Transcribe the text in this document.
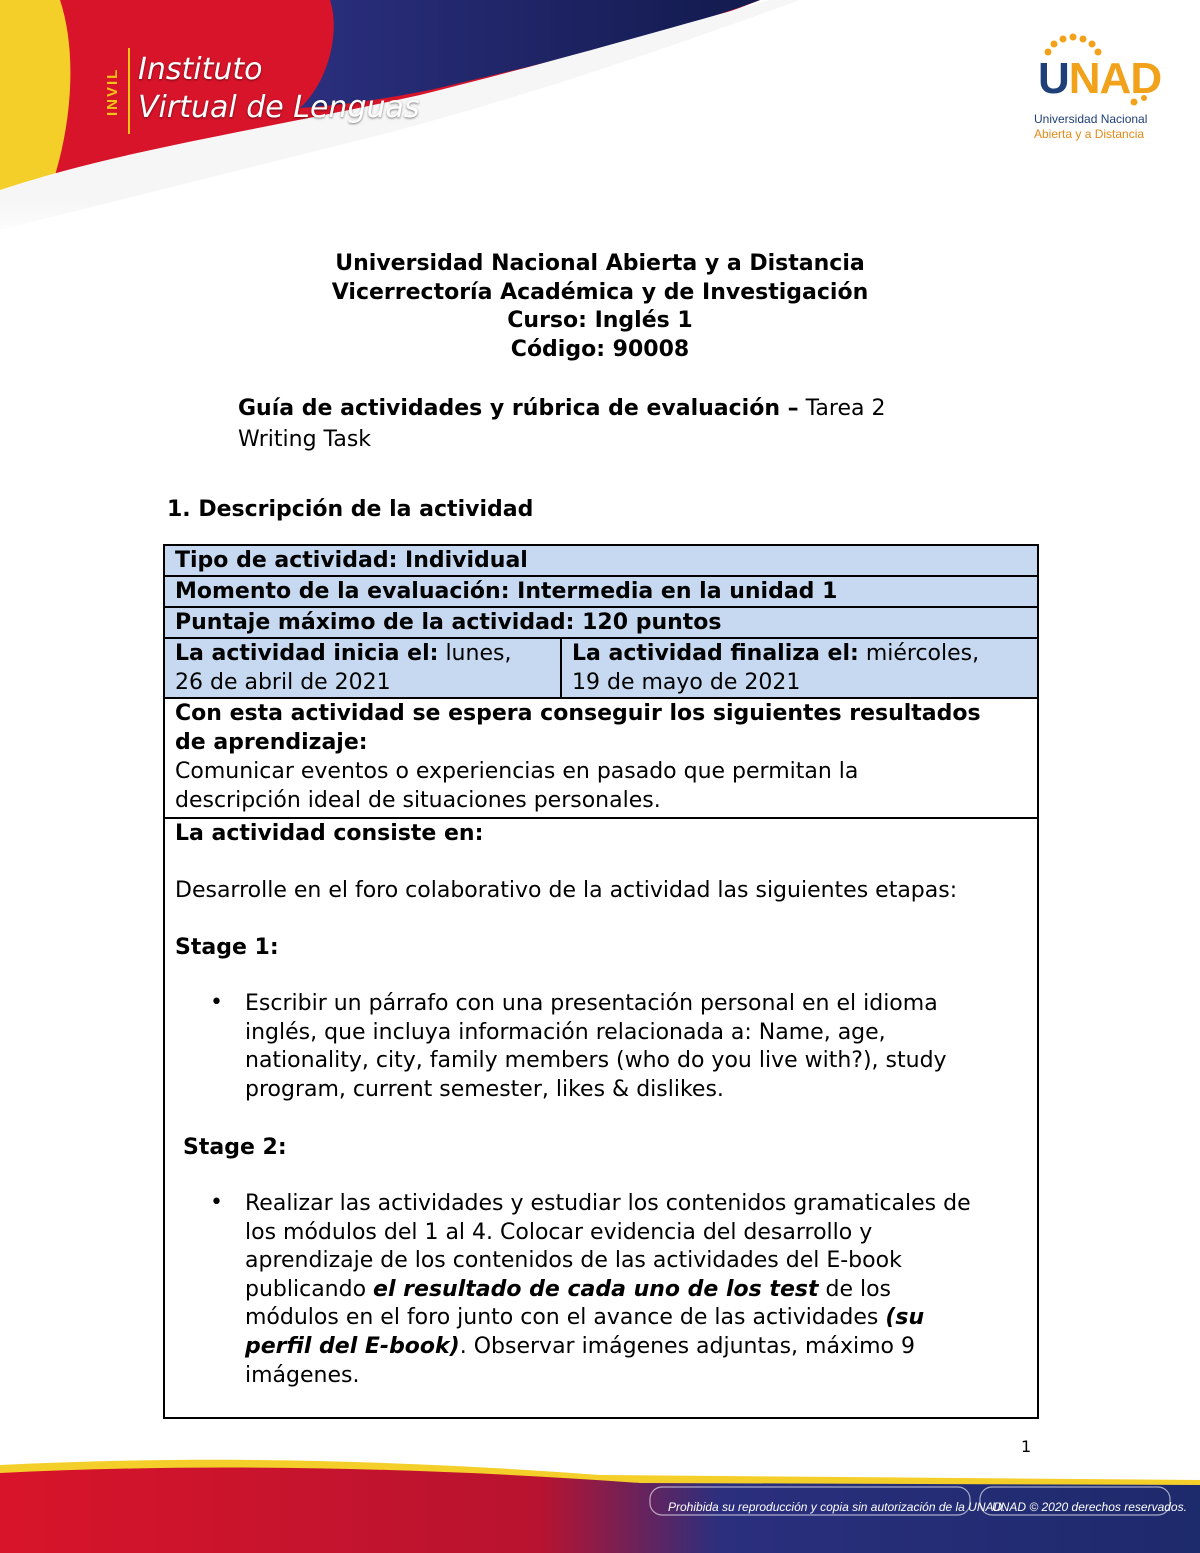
INVIL Instituto
Virtual de Lenguas
UNAD
Universidad Nacional
Abierta y a Distancia
Universidad Nacional Abierta y a Distancia
Vicerrectoría Académica y de Investigación
Curso: Inglés 1
Código: 90008
Guía de actividades y rúbrica de evaluación – Tarea 2
Writing Task
1. Descripción de la actividad
Tipo de actividad: Individual
Momento de la evaluación: Intermedia en la unidad 1
Puntaje máximo de la actividad: 120 puntos
La actividad inicia el: lunes,
26 de abril de 2021
La actividad finaliza el: miércoles,
19 de mayo de 2021
Con esta actividad se espera conseguir los siguientes resultados
de aprendizaje:
Comunicar eventos o experiencias en pasado que permitan la
descripción ideal de situaciones personales.
La actividad consiste en:
Desarrolle en el foro colaborativo de la actividad las siguientes etapas:
Stage 1:
• Escribir un párrafo con una presentación personal en el idioma
inglés, que incluya información relacionada a: Name, age,
nationality, city, family members (who do you live with?), study
program, current semester, likes & dislikes.
Stage 2:
• Realizar las actividades y estudiar los contenidos gramaticales de
los módulos del 1 al 4. Colocar evidencia del desarrollo y
aprendizaje de los contenidos de las actividades del E-book
publicando el resultado de cada uno de los test de los
módulos en el foro junto con el avance de las actividades (su
perfil del E-book). Observar imágenes adjuntas, máximo 9
imágenes.
1
Prohibida su reproducción y copia sin autorización de la UNAD.
UNAD © 2020 derechos reservados.
